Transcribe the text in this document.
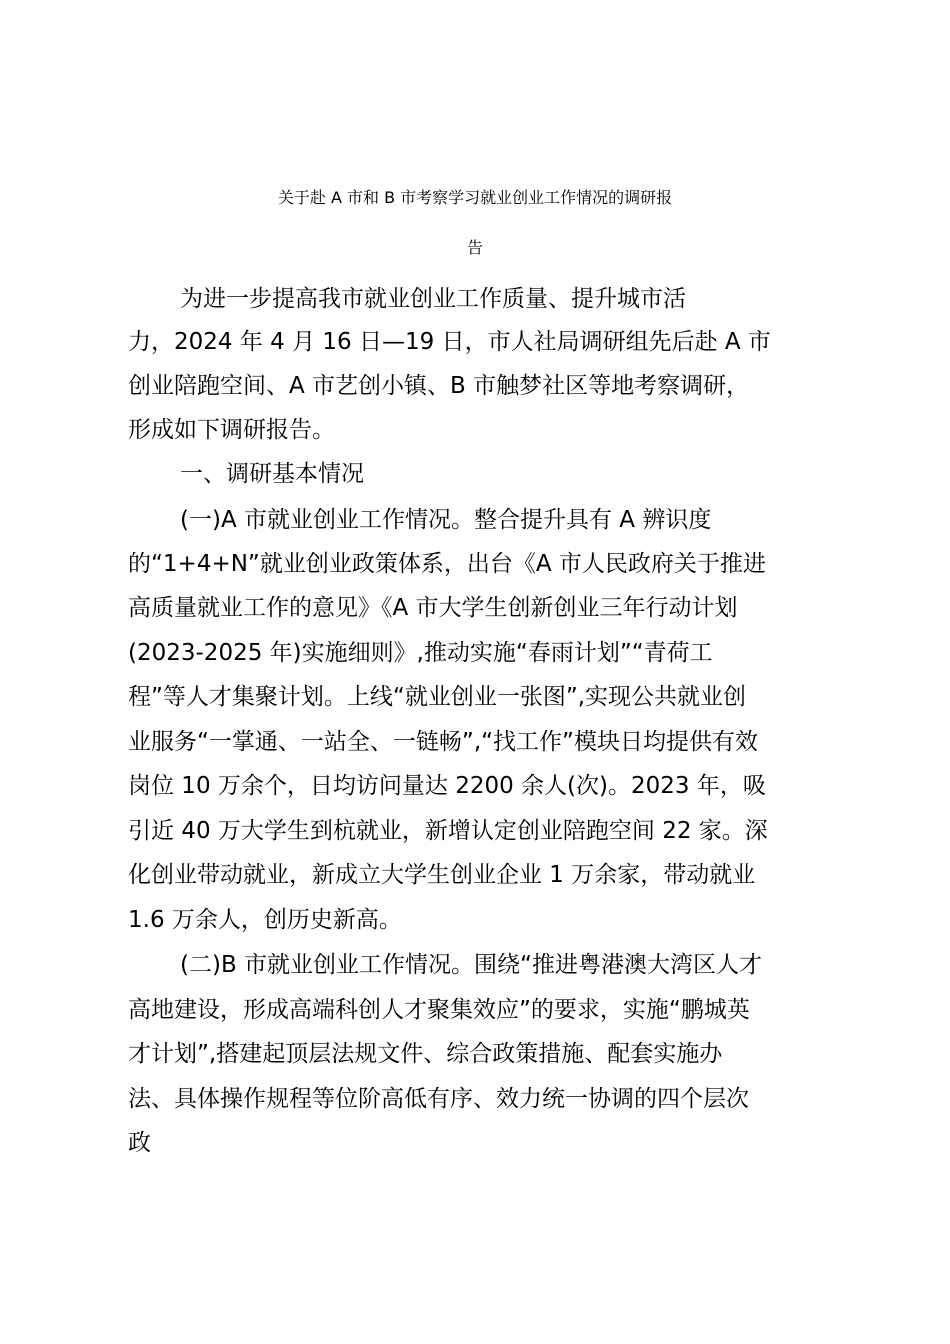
关于赴 A 市和 B 市考察学习就业创业工作情况的调研报
告
为进一步提高我市就业创业工作质量、提升城市活
力，2024 年 4 月 16 日—19 日，市人社局调研组先后赴 A 市
创业陪跑空间、A 市艺创小镇、B 市触梦社区等地考察调研，
形成如下调研报告。
一、调研基本情况
(一)A 市就业创业工作情况。整合提升具有 A 辨识度
的“1+4+N”就业创业政策体系，出台《A 市人民政府关于推进
高质量就业工作的意见》《A 市大学生创新创业三年行动计划
(2023-2025 年)实施细则》,推动实施“春雨计划”“青荷工
程”等人才集聚计划。上线“就业创业一张图”,实现公共就业创
业服务“一掌通、一站全、一链畅”,“找工作”模块日均提供有效
岗位 10 万余个，日均访问量达 2200 余人(次)。2023 年，吸
引近 40 万大学生到杭就业，新增认定创业陪跑空间 22 家。深
化创业带动就业，新成立大学生创业企业 1 万余家，带动就业
1.6 万余人，创历史新高。
(二)B 市就业创业工作情况。围绕“推进粤港澳大湾区人才
高地建设，形成高端科创人才聚集效应”的要求，实施“鹏城英
才计划”,搭建起顶层法规文件、综合政策措施、配套实施办
法、具体操作规程等位阶高低有序、效力统一协调的四个层次
政
